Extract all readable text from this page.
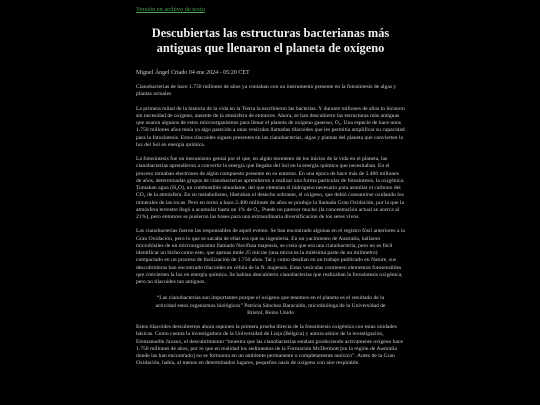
Versión en archivo de texto
Descubiertas las estructuras bacterianas más antiguas que llenaron el planeta de oxígeno
Miguel Ángel Criado 04 ene 2024 - 05:20 CET

Cianobacterias de hace 1.750 millones de años ya contaban con un instrumento presente en la fotosíntesis de algas y plantas actuales

La primera mitad de la historia de la vida en la Tierra la escribieron las bacterias. Y durante millones de años lo hicieron sin necesidad de oxígeno, ausente de la atmósfera de entonces. Ahora, se han descubierto las estructuras más antiguas que usaron algunos de estos microorganismos para llenar el planeta de oxígeno gaseoso, O₂. Una especie de hace unos 1.750 millones años tenía ya algo parecido a unas vesículas llamadas tilacoides que les permitía amplificar su capacidad para la fotosíntesis. Estos tilacoides siguen presentes en las cianobacterias, algas y plantas del planeta que convierten la luz del Sol en energía química.

La fotosíntesis fue un mecanismo genial por el que, en algún momento de los inicios de la vida en el planeta, las cianobacterias aprendieron a convertir la energía que llegaba del Sol en la energía química que necesitaban. En el proceso tomaban electrones de algún compuesto presente en su entorno. En una época de hace más de 2.400 millones de años, determinadas grupos de cianobacterias aprendieron a realizar una forma particular de fotosíntesis, la oxigénica. Tomaban agua (H₂O), un combustible abundante, del que obtenían el hidrógeno necesario para asimilar el carbono del CO₂ de la atmósfera. En su metabolismo, liberaban el desecho sobrante, el oxígeno, que debió consumirse oxidando los minerales de las rocas. Pero en torno a hace 2.400 millones de años se produjo la llamada Gran Oxidación, por la que la atmósfera terrestre llegó a acumular hasta un 1% de O₂. Puede no parecer mucho (la concentración actual se acerca al 21%), pero entonces se pusieron las bases para una extraordinaria diversificación de los seres vivos.

Las cianobacterias fueron las responsables de aquel evento. Se han encontrado algunas en el registro fósil anteriores a la Gran Oxidación, pero lo que se sacaba de ellas era que su ingeniería. En un yacimiento de Australia, hallaron microfósiles de un microorganismo llamado Navifusa majensis, se creía que era una cianobacteria, pero no es fácil identificar un bicho como este, que apenas mide 25 micras (una micra es la milésima parte de un milímetro) compactado en un proceso de fosilización de 1.750 años. Tal y como detallan en un trabajo publicado en Nature, sus descubridoras han encontrado tilacoides en célula de la N. majensis. Estas vesículas contienen elementos fotosensibles que convierten la luz en energía química. Se habían descubierto cianobacterias que realizaban la fotosíntesis oxigénica, pero no tilacoides tan antiguos.

“Las cianobacterias son importantes porque el oxígeno que tenemos en el planeta es el resultado de la actividad estos organismos biológicos” Patricia Sánchez Baracaldo, microbióloga de la Universidad de Bristol, Reino Unido

Estos tilacoides descubiertos ahora suponen la primera prueba directa de la fotosíntesis oxigénica con estas unidades básicas. Como cuenta la investigadora de la Universidad de Lieja (Bélgica) y autora sénior de la investigación, Emmanuelle Javaux, el descubrimiento “muestra que las cianobacterias estaban produciendo activamente oxígeno hace 1.750 millones de años, por lo que en realidad los sedimentos de la Formación McDermott [en la región de Australia donde las han encontrado] no se formaron en un ambiente permanente o completamente anóxico”. Antes de la Gran Oxidación, había, al menos en determinados lugares, pequeños oasis de oxígeno con aire respirable.
